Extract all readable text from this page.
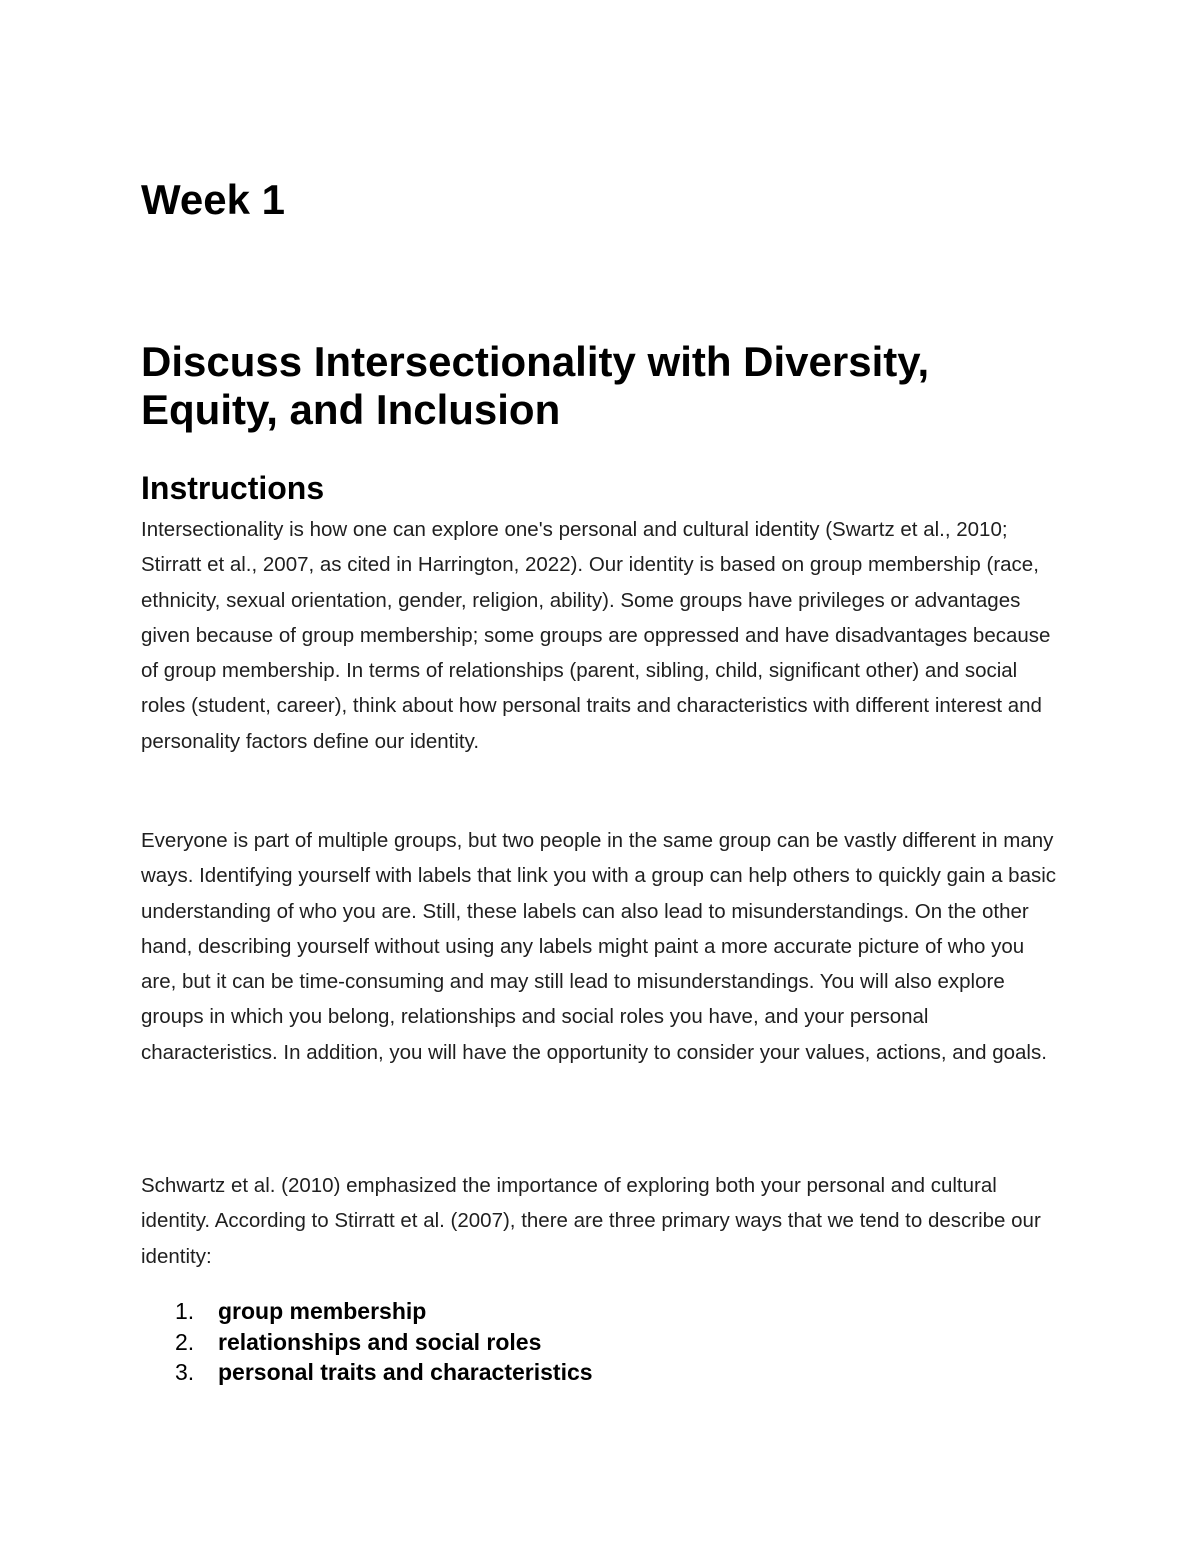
Week 1
Discuss Intersectionality with Diversity, Equity, and Inclusion
Instructions

Intersectionality is how one can explore one's personal and cultural identity (Swartz et al., 2010; Stirratt et al., 2007, as cited in Harrington, 2022). Our identity is based on group membership (race, ethnicity, sexual orientation, gender, religion, ability). Some groups have privileges or advantages given because of group membership; some groups are oppressed and have disadvantages because of group membership. In terms of relationships (parent, sibling, child, significant other) and social roles (student, career), think about how personal traits and characteristics with different interest and personality factors define our identity.

Everyone is part of multiple groups, but two people in the same group can be vastly different in many ways. Identifying yourself with labels that link you with a group can help others to quickly gain a basic understanding of who you are. Still, these labels can also lead to misunderstandings. On the other hand, describing yourself without using any labels might paint a more accurate picture of who you are, but it can be time-consuming and may still lead to misunderstandings. You will also explore groups in which you belong, relationships and social roles you have, and your personal characteristics. In addition, you will have the opportunity to consider your values, actions, and goals.

Schwartz et al. (2010) emphasized the importance of exploring both your personal and cultural identity. According to Stirratt et al. (2007), there are three primary ways that we tend to describe our identity:

1. group membership
2. relationships and social roles
3. personal traits and characteristics
